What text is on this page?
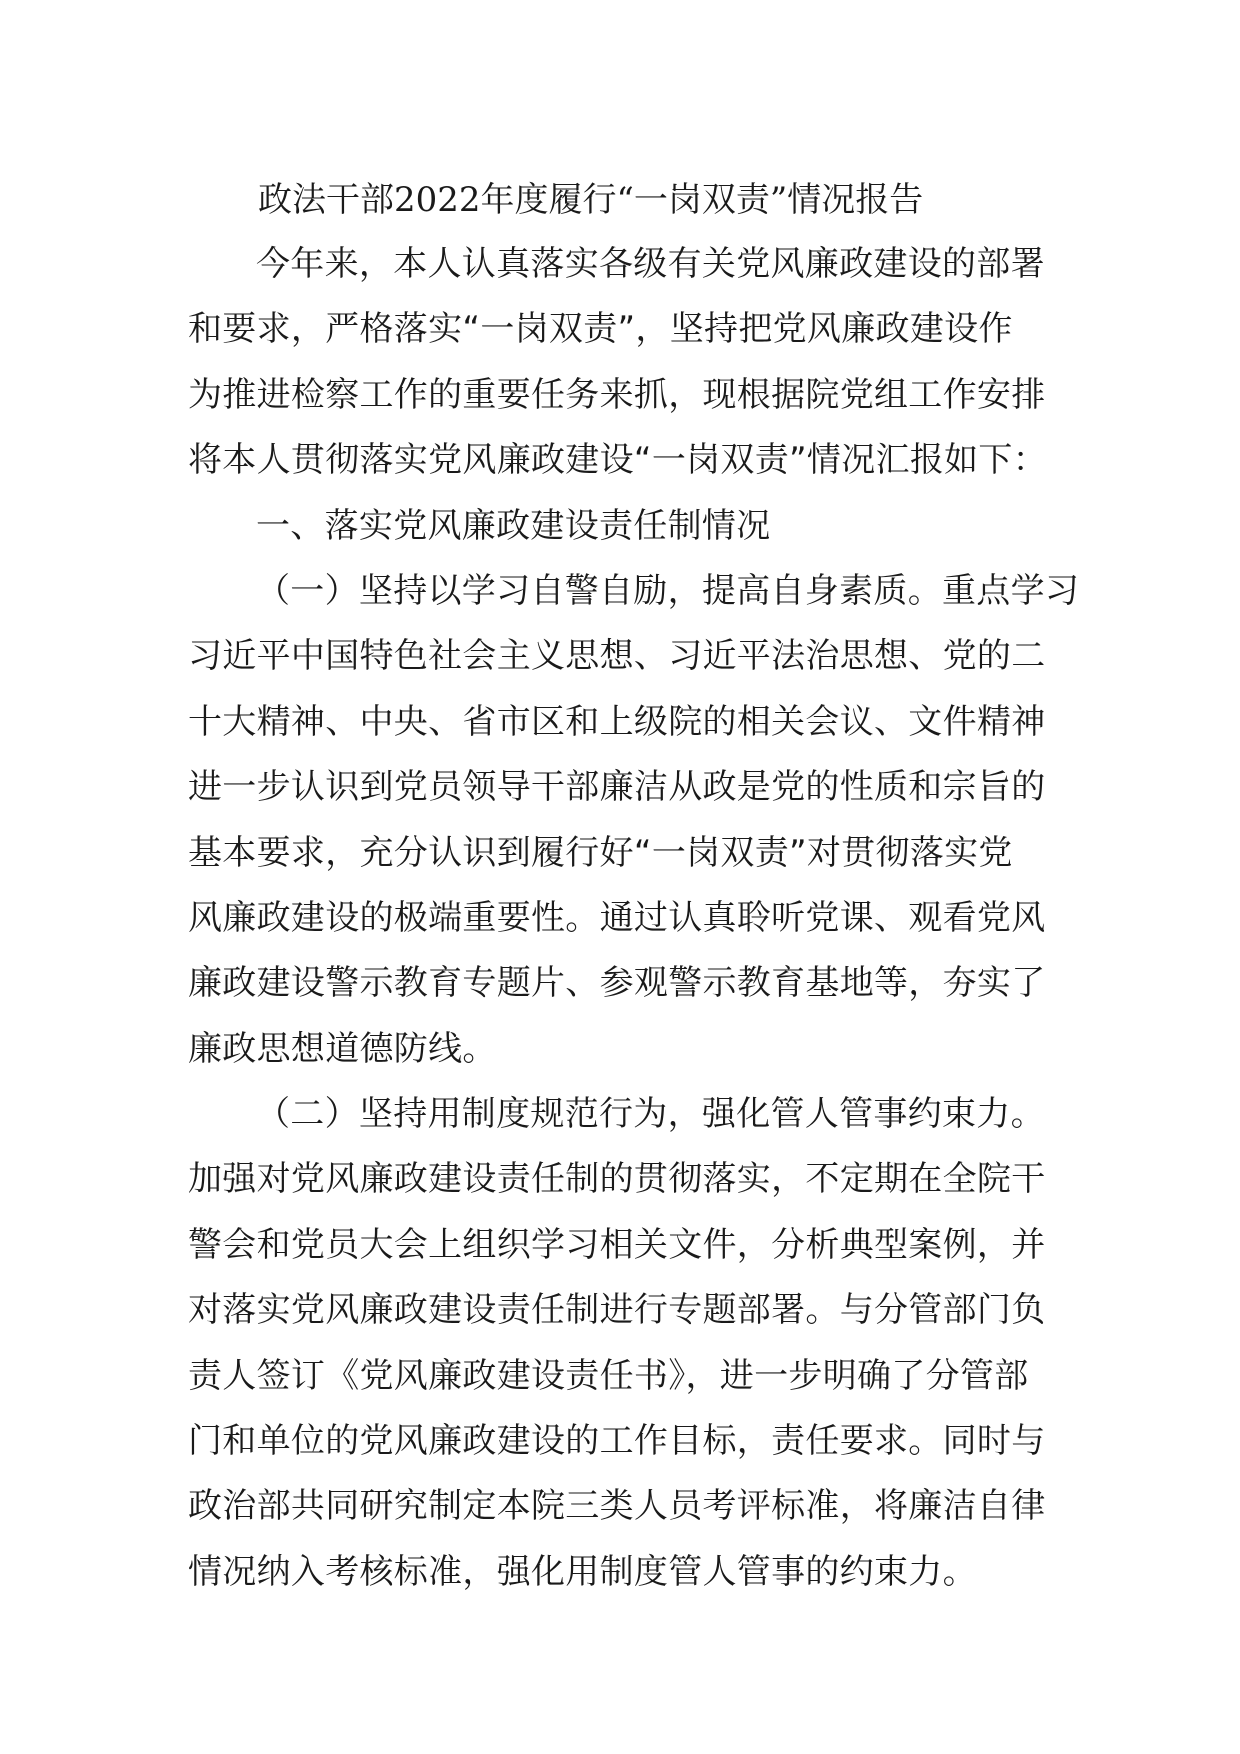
政法干部2022年度履行“一岗双责”情况报告
今年来，本人认真落实各级有关党风廉政建设的部署
和要求，严格落实“一岗双责”，坚持把党风廉政建设作
为推进检察工作的重要任务来抓，现根据院党组工作安排
将本人贯彻落实党风廉政建设“一岗双责”情况汇报如下：
一、落实党风廉政建设责任制情况
（一）坚持以学习自警自励，提高自身素质。重点学习
习近平中国特色社会主义思想、习近平法治思想、党的二
十大精神、中央、省市区和上级院的相关会议、文件精神
进一步认识到党员领导干部廉洁从政是党的性质和宗旨的
基本要求，充分认识到履行好“一岗双责”对贯彻落实党
风廉政建设的极端重要性。通过认真聆听党课、观看党风
廉政建设警示教育专题片、参观警示教育基地等，夯实了
廉政思想道德防线。
（二）坚持用制度规范行为，强化管人管事约束力。
加强对党风廉政建设责任制的贯彻落实，不定期在全院干
警会和党员大会上组织学习相关文件，分析典型案例，并
对落实党风廉政建设责任制进行专题部署。与分管部门负
责人签订《党风廉政建设责任书》，进一步明确了分管部
门和单位的党风廉政建设的工作目标，责任要求。同时与
政治部共同研究制定本院三类人员考评标准，将廉洁自律
情况纳入考核标准，强化用制度管人管事的约束力。
